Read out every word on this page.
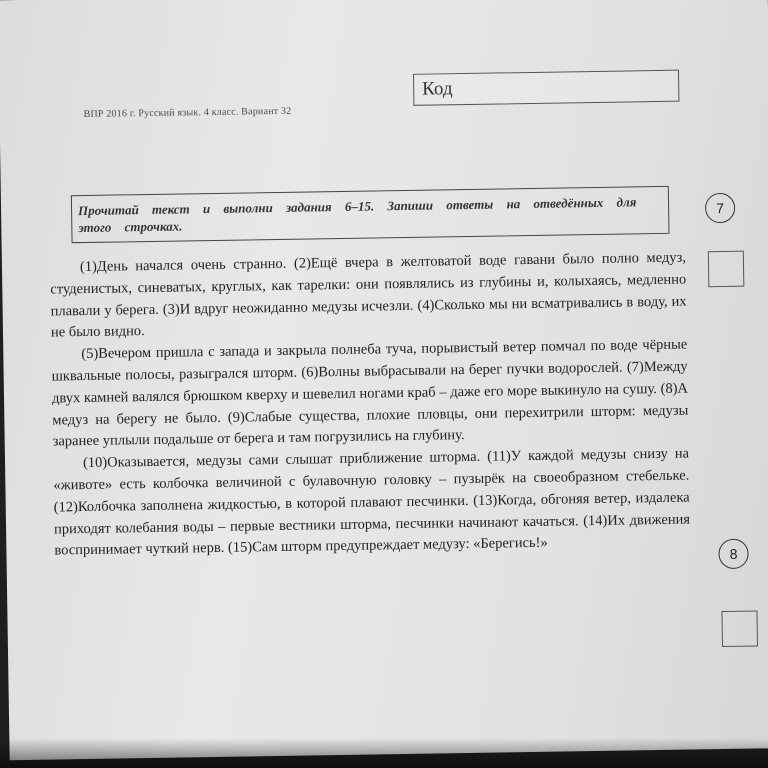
ВПР 2016 г. Русский язык. 4 класс. Вариант 32
Код
Прочитай текст и выполни задания 6–15. Запиши ответы на отведённых для этого строчках.
7
8

(1)День начался очень странно. (2)Ещё вчера в желтоватой воде гавани было полно медуз, студенистых, синеватых, круглых, как тарелки: они появлялись из глубины и, колыхаясь, медленно плавали у берега. (3)И вдруг неожиданно медузы исчезли. (4)Сколько мы ни всматривались в воду, их не было видно.

(5)Вечером пришла с запада и закрыла полнеба туча, порывистый ветер помчал по воде чёрные шквальные полосы, разыгрался шторм. (6)Волны выбрасывали на берег пучки водорослей. (7)Между двух камней валялся брюшком кверху и шевелил ногами краб – даже его море выкинуло на сушу. (8)А медуз на берегу не было. (9)Слабые существа, плохие пловцы, они перехитрили шторм: медузы заранее уплыли подальше от берега и там погрузились на глубину.

(10)Оказывается, медузы сами слышат приближение шторма. (11)У каждой медузы снизу на «животе» есть колбочка величиной с булавочную головку – пузырёк на своеобразном стебельке. (12)Колбочка заполнена жидкостью, в которой плавают песчинки. (13)Когда, обгоняя ветер, издалека приходят колебания воды – первые вестники шторма, песчинки начинают качаться. (14)Их движения воспринимает чуткий нерв. (15)Сам шторм предупреждает медузу: «Берегись!»
